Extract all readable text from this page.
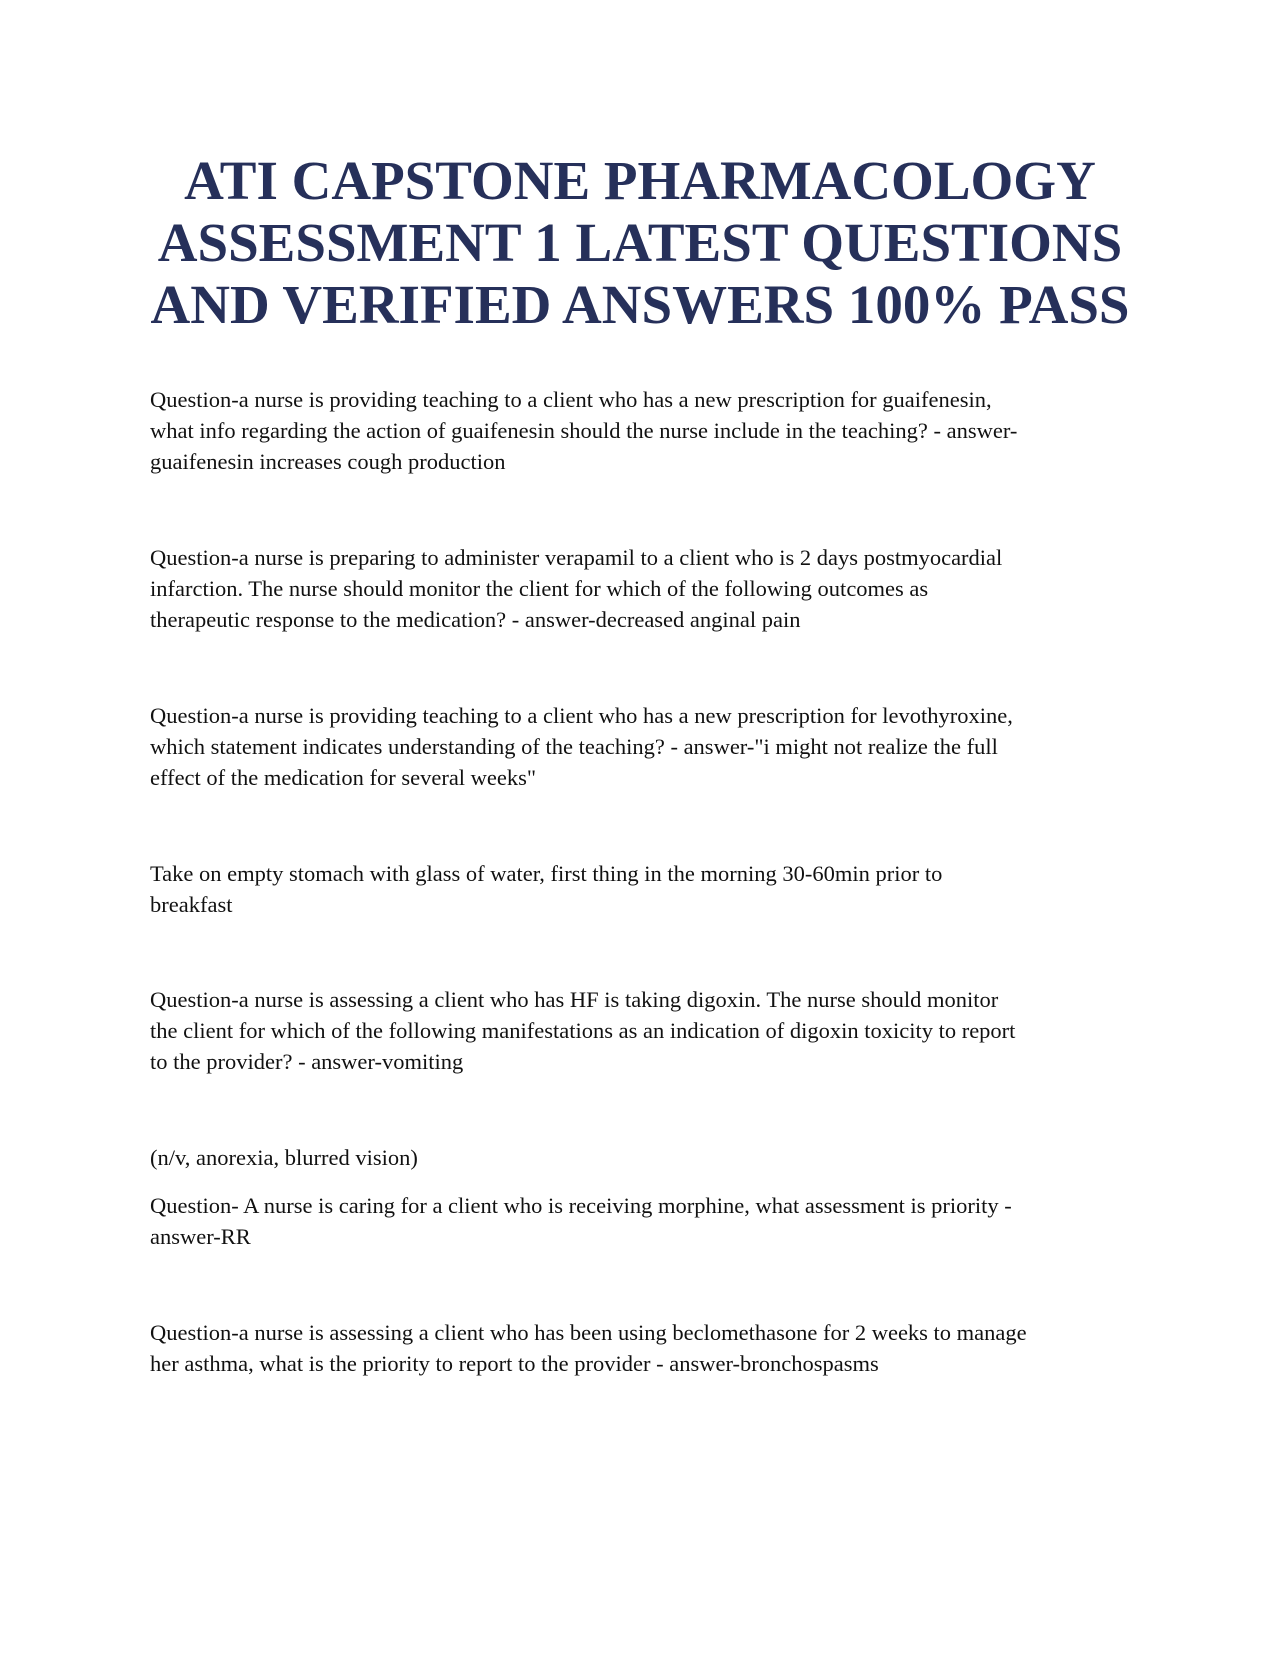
ATI CAPSTONE PHARMACOLOGY
ASSESSMENT 1 LATEST QUESTIONS
AND VERIFIED ANSWERS 100% PASS

Question-a nurse is providing teaching to a client who has a new prescription for guaifenesin,
what info regarding the action of guaifenesin should the nurse include in the teaching? - answer-
guaifenesin increases cough production

Question-a nurse is preparing to administer verapamil to a client who is 2 days postmyocardial
infarction. The nurse should monitor the client for which of the following outcomes as
therapeutic response to the medication? - answer-decreased anginal pain

Question-a nurse is providing teaching to a client who has a new prescription for levothyroxine,
which statement indicates understanding of the teaching? - answer-"i might not realize the full
effect of the medication for several weeks"

Take on empty stomach with glass of water, first thing in the morning 30-60min prior to
breakfast

Question-a nurse is assessing a client who has HF is taking digoxin. The nurse should monitor
the client for which of the following manifestations as an indication of digoxin toxicity to report
to the provider? - answer-vomiting

(n/v, anorexia, blurred vision)

Question- A nurse is caring for a client who is receiving morphine, what assessment is priority -
answer-RR

Question-a nurse is assessing a client who has been using beclomethasone for 2 weeks to manage
her asthma, what is the priority to report to the provider - answer-bronchospasms
